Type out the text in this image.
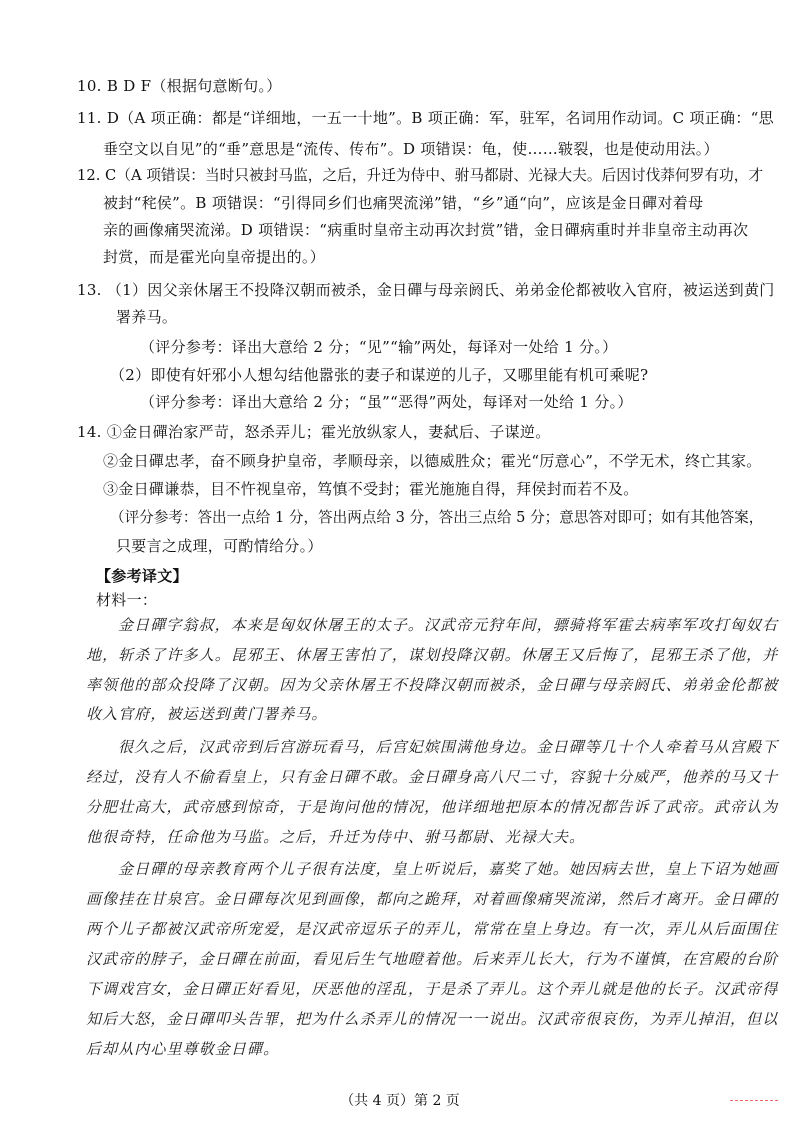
10. B D F（根据句意断句。）
11. D（A 项正确：都是“详细地，一五一十地”。B 项正确：军，驻军，名词用作动词。C 项正确：“思
垂空文以自见”的“垂”意思是“流传、传布”。D 项错误：龟，使……皲裂，也是使动用法。）
12. C（A 项错误：当时只被封马监，之后，升迁为侍中、驸马都尉、光禄大夫。后因讨伐莽何罗有功，才
被封“秺侯”。B 项错误：“引得同乡们也痛哭流涕”错，“乡”通“向”，应该是金日磾对着母
亲的画像痛哭流涕。D 项错误：“病重时皇帝主动再次封赏”错，金日磾病重时并非皇帝主动再次
封赏，而是霍光向皇帝提出的。）
13. （1）因父亲休屠王不投降汉朝而被杀，金日磾与母亲阏氏、弟弟金伦都被收入官府，被运送到黄门
署养马。
（评分参考：译出大意给 2 分；“见”“输”两处，每译对一处给 1 分。）
（2）即使有奸邪小人想勾结他嚣张的妻子和谋逆的儿子，又哪里能有机可乘呢?
（评分参考：译出大意给 2 分；“虽”“恶得”两处，每译对一处给 1 分。）
14. ①金日磾治家严苛，怒杀弄儿；霍光放纵家人，妻弑后、子谋逆。
②金日磾忠孝，奋不顾身护皇帝，孝顺母亲，以德威胜众；霍光“厉意心”，不学无术，终亡其家。
③金日磾谦恭，目不忤视皇帝，笃慎不受封；霍光施施自得，拜侯封而若不及。
（评分参考：答出一点给 1 分，答出两点给 3 分，答出三点给 5 分；意思答对即可；如有其他答案，
只要言之成理，可酌情给分。）
【参考译文】
材料一：
金日磾字翁叔，本来是匈奴休屠王的太子。汉武帝元狩年间，骠骑将军霍去病率军攻打匈奴右
地，斩杀了许多人。昆邪王、休屠王害怕了，谋划投降汉朝。休屠王又后悔了，昆邪王杀了他，并
率领他的部众投降了汉朝。因为父亲休屠王不投降汉朝而被杀，金日磾与母亲阏氏、弟弟金伦都被
收入官府，被运送到黄门署养马。
很久之后，汉武帝到后宫游玩看马，后宫妃嫔围满他身边。金日磾等几十个人牵着马从宫殿下
经过，没有人不偷看皇上，只有金日磾不敢。金日磾身高八尺二寸，容貌十分威严，他养的马又十
分肥壮高大，武帝感到惊奇，于是询问他的情况，他详细地把原本的情况都告诉了武帝。武帝认为
他很奇特，任命他为马监。之后，升迁为侍中、驸马都尉、光禄大夫。
金日磾的母亲教育两个儿子很有法度，皇上听说后，嘉奖了她。她因病去世，皇上下诏为她画
画像挂在甘泉宫。金日磾每次见到画像，都向之跪拜，对着画像痛哭流涕，然后才离开。金日磾的
两个儿子都被汉武帝所宠爱，是汉武帝逗乐子的弄儿，常常在皇上身边。有一次，弄儿从后面围住
汉武帝的脖子，金日磾在前面，看见后生气地瞪着他。后来弄儿长大，行为不谨慎，在宫殿的台阶
下调戏宫女，金日磾正好看见，厌恶他的淫乱，于是杀了弄儿。这个弄儿就是他的长子。汉武帝得
知后大怒，金日磾叩头告罪，把为什么杀弄儿的情况一一说出。汉武帝很哀伤，为弄儿掉泪，但以
后却从内心里尊敬金日磾。
（共 4 页）第 2 页
